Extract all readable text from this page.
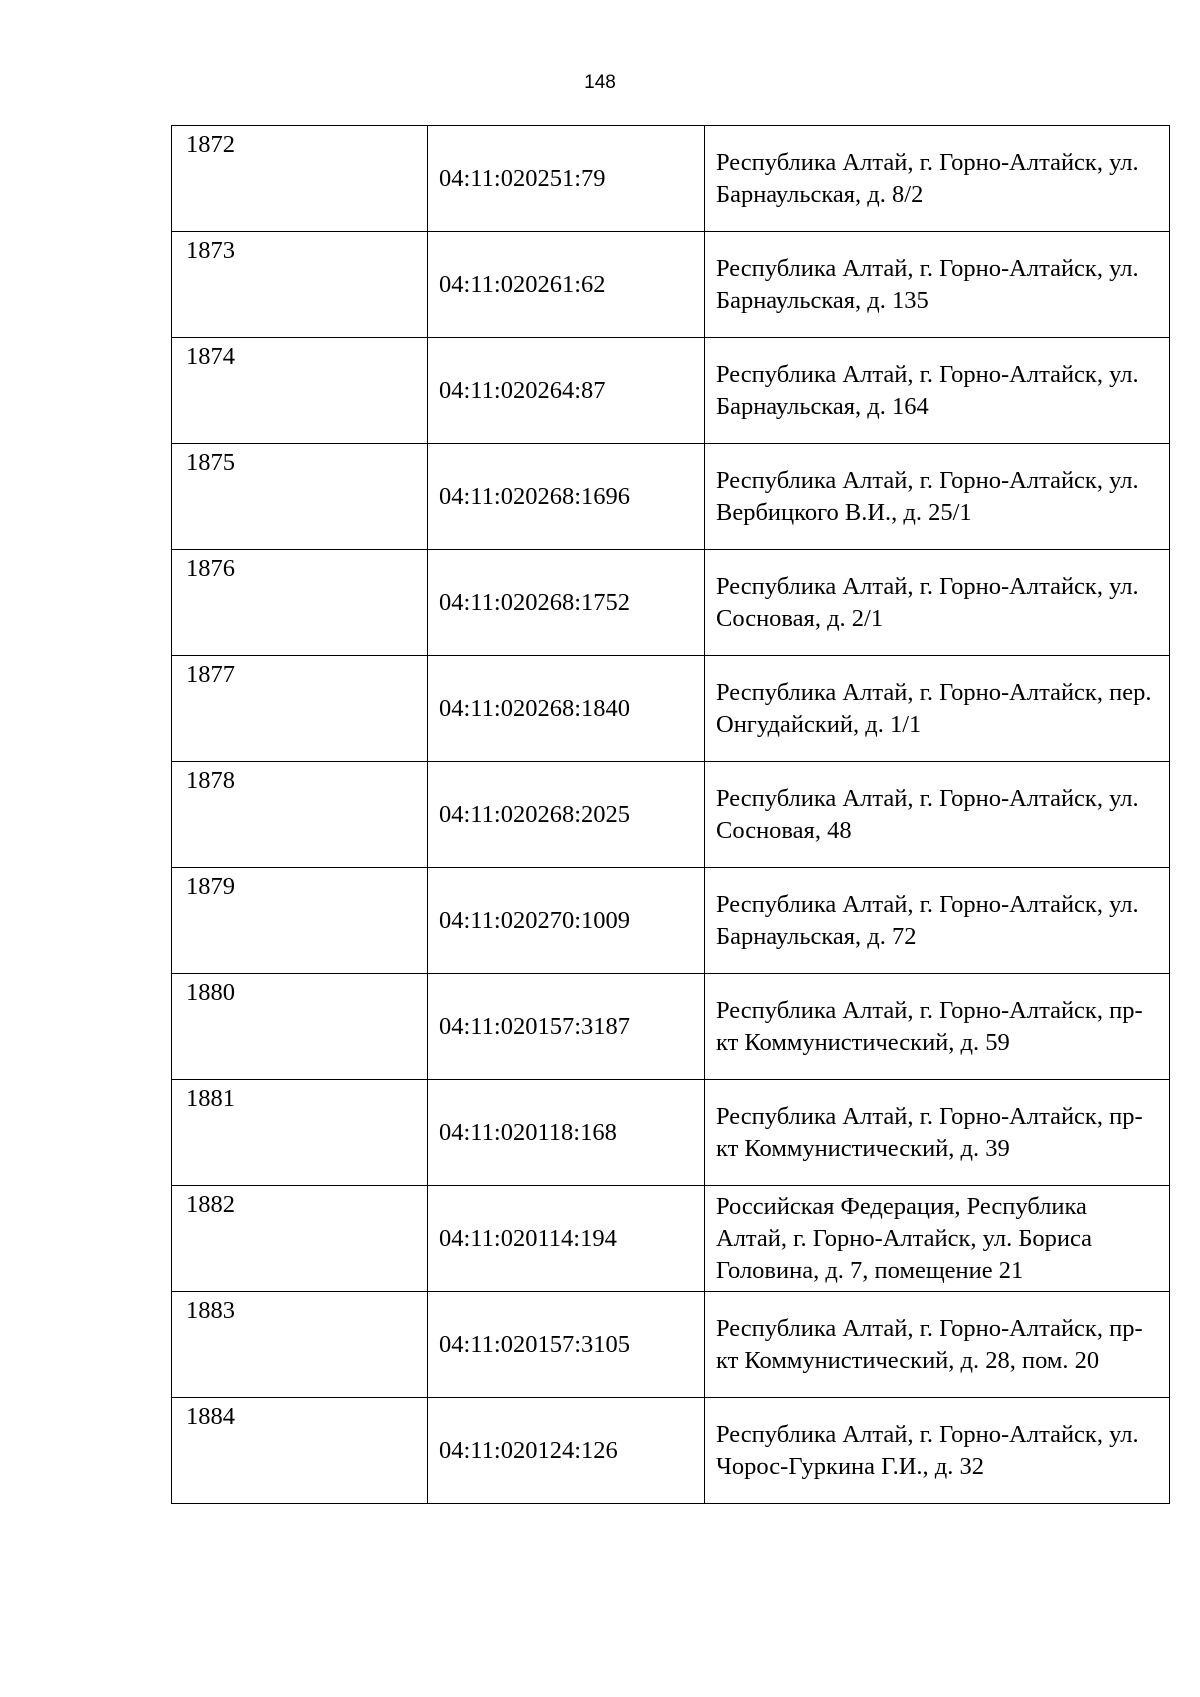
148
1872	04:11:020251:79	Республика Алтай, г. Горно-Алтайск, ул. Барнаульская, д. 8/2

1873	04:11:020261:62	Республика Алтай, г. Горно-Алтайск, ул. Барнаульская, д. 135

1874	04:11:020264:87	Республика Алтай, г. Горно-Алтайск, ул. Барнаульская, д. 164

1875	04:11:020268:1696	Республика Алтай, г. Горно-Алтайск, ул. Вербицкого В.И., д. 25/1

1876	04:11:020268:1752	Республика Алтай, г. Горно-Алтайск, ул. Сосновая, д. 2/1

1877	04:11:020268:1840	Республика Алтай, г. Горно-Алтайск, пер. Онгудайский, д. 1/1

1878	04:11:020268:2025	Республика Алтай, г. Горно-Алтайск, ул. Сосновая, 48

1879	04:11:020270:1009	Республика Алтай, г. Горно-Алтайск, ул. Барнаульская, д. 72

1880	04:11:020157:3187	Республика Алтай, г. Горно-Алтайск, пр-кт Коммунистический, д. 59

1881	04:11:020118:168	Республика Алтай, г. Горно-Алтайск, пр-кт Коммунистический, д. 39

1882	04:11:020114:194	Российская Федерация, Республика Алтай, г. Горно-Алтайск, ул. Бориса Головина, д. 7, помещение 21

1883	04:11:020157:3105	Республика Алтай, г. Горно-Алтайск, пр-кт Коммунистический, д. 28, пом. 20

1884	04:11:020124:126	Республика Алтай, г. Горно-Алтайск, ул. Чорос-Гуркина Г.И., д. 32
